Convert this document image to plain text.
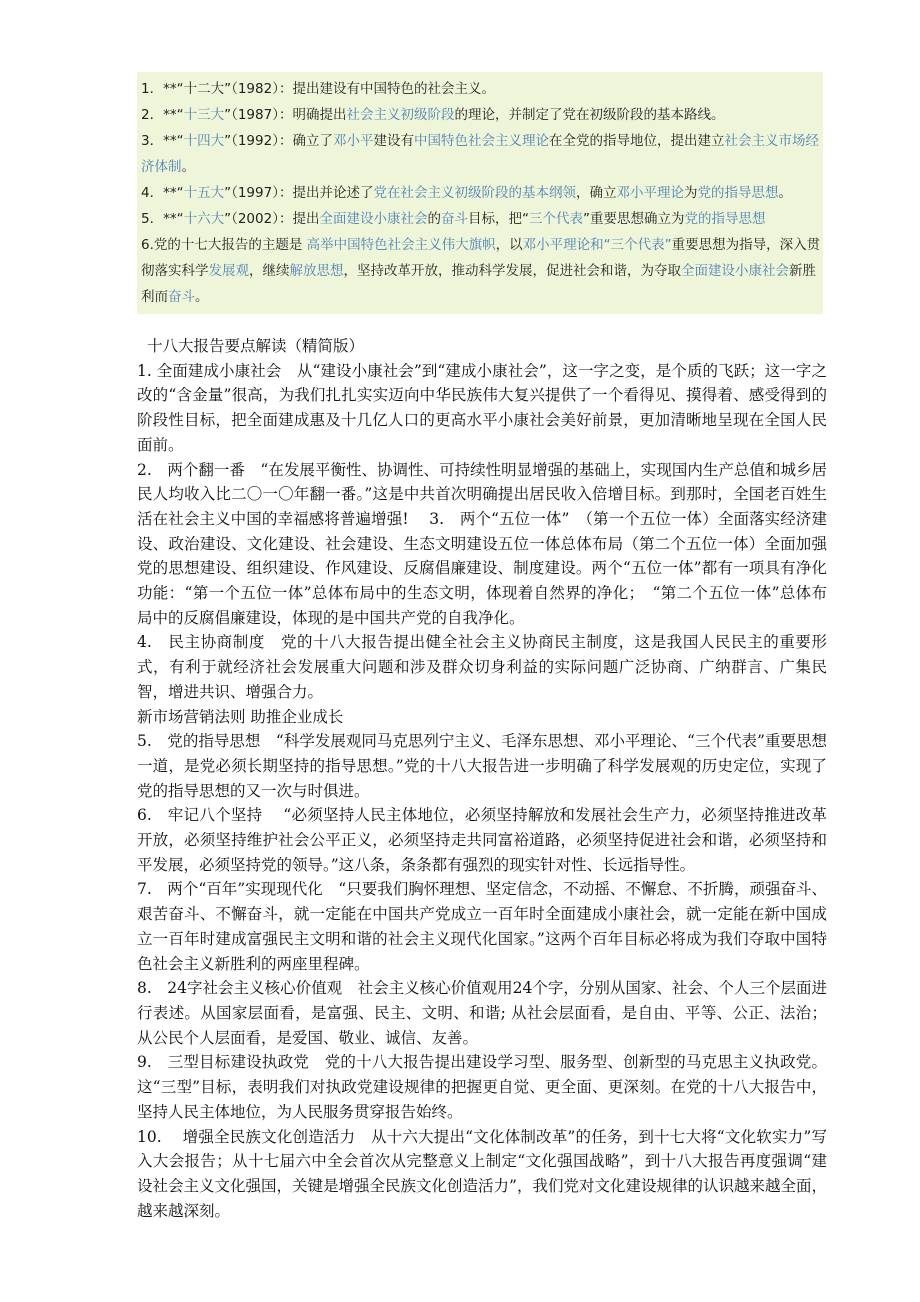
1．**“十二大”（1982）：提出建设有中国特色的社会主义。

2．**“十三大”（1987）：明确提出社会主义初级阶段的理论，并制定了党在初级阶段的基本路线。

3．**“十四大”（1992）：确立了邓小平建设有中国特色社会主义理论在全党的指导地位，提出建立社会主义市场经济体制。

4．**“十五大”（1997）：提出并论述了党在社会主义初级阶段的基本纲领，确立邓小平理论为党的指导思想。

5．**“十六大”（2002）：提出全面建设小康社会的奋斗目标，把“三个代表”重要思想确立为党的指导思想

6.党的十七大报告的主题是 高举中国特色社会主义伟大旗帜，以邓小平理论和“三个代表”重要思想为指导，深入贯彻落实科学发展观，继续解放思想，坚持改革开放，推动科学发展，促进社会和谐，为夺取全面建设小康社会新胜利而奋斗。

十八大报告要点解读（精简版）

1. 全面建成小康社会　从“建设小康社会”到“建成小康社会”，这一字之变，是个质的飞跃；这一字之改的“含金量”很高，为我们扎扎实实迈向中华民族伟大复兴提供了一个看得见、摸得着、感受得到的阶段性目标，把全面建成惠及十几亿人口的更高水平小康社会美好前景，更加清晰地呈现在全国人民面前。

2.　两个翻一番　“在发展平衡性、协调性、可持续性明显增强的基础上，实现国内生产总值和城乡居民人均收入比二〇一〇年翻一番。”这是中共首次明确提出居民收入倍增目标。到那时，全国老百姓生活在社会主义中国的幸福感将普遍增强!　 3.　两个“五位一体”　（第一个五位一体）全面落实经济建设、政治建设、文化建设、社会建设、生态文明建设五位一体总体布局（第二个五位一体）全面加强党的思想建设、组织建设、作风建设、反腐倡廉建设、制度建设。两个“五位一体”都有一项具有净化功能：“第一个五位一体”总体布局中的生态文明，体现着自然界的净化；　“第二个五位一体”总体布局中的反腐倡廉建设，体现的是中国共产党的自我净化。

4.　民主协商制度　党的十八大报告提出健全社会主义协商民主制度，这是我国人民民主的重要形式，有利于就经济社会发展重大问题和涉及群众切身利益的实际问题广泛协商、广纳群言、广集民智，增进共识、增强合力。

新市场营销法则 助推企业成长

5.　党的指导思想　“科学发展观同马克思列宁主义、毛泽东思想、邓小平理论、“三个代表”重要思想一道，是党必须长期坚持的指导思想。”党的十八大报告进一步明确了科学发展观的历史定位，实现了党的指导思想的又一次与时俱进。

6.　牢记八个坚持　 “必须坚持人民主体地位，必须坚持解放和发展社会生产力，必须坚持推进改革开放，必须坚持维护社会公平正义，必须坚持走共同富裕道路，必须坚持促进社会和谐，必须坚持和平发展，必须坚持党的领导。”这八条，条条都有强烈的现实针对性、长远指导性。

7.　两个“百年”实现现代化　“只要我们胸怀理想、坚定信念，不动摇、不懈怠、不折腾，顽强奋斗、艰苦奋斗、不懈奋斗，就一定能在中国共产党成立一百年时全面建成小康社会，就一定能在新中国成立一百年时建成富强民主文明和谐的社会主义现代化国家。”这两个百年目标必将成为我们夺取中国特色社会主义新胜利的两座里程碑。

8.　24字社会主义核心价值观　社会主义核心价值观用24个字，分别从国家、社会、个人三个层面进行表述。从国家层面看，是富强、民主、文明、和谐; 从社会层面看，是自由、平等、公正、法治；从公民个人层面看，是爱国、敬业、诚信、友善。

9.　三型目标建设执政党　党的十八大报告提出建设学习型、服务型、创新型的马克思主义执政党。这“三型”目标，表明我们对执政党建设规律的把握更自觉、更全面、更深刻。在党的十八大报告中，坚持人民主体地位，为人民服务贯穿报告始终。

10.　 增强全民族文化创造活力　从十六大提出“文化体制改革”的任务，到十七大将“文化软实力”写入大会报告；从十七届六中全会首次从完整意义上制定“文化强国战略”，到十八大报告再度强调“建设社会主义文化强国，关键是增强全民族文化创造活力”，我们党对文化建设规律的认识越来越全面，越来越深刻。
